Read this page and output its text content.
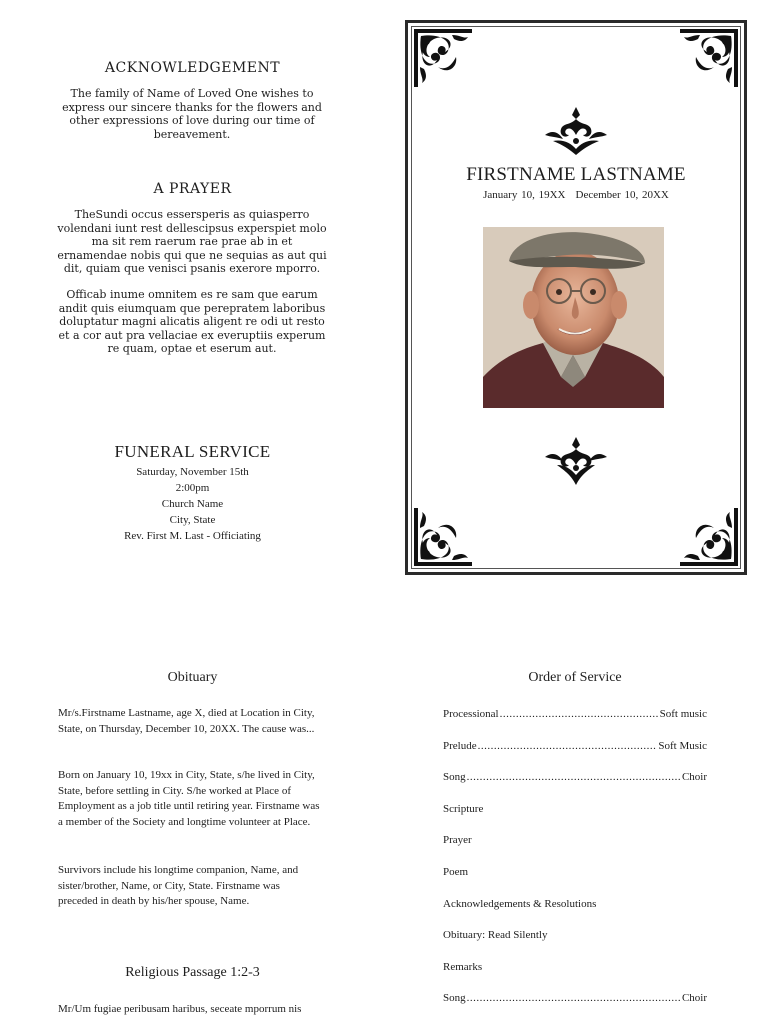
ACKNOWLEDGEMENT
The family of Name of Loved One wishes to express our sincere thanks for the flowers and other expressions of love during our time of bereavement.
A PRAYER
TheSundi occus essersperis as quiasperro volendani iunt rest dellescipsus experspiet molo ma sit rem raerum rae prae ab in et ernamendae nobis qui que ne sequias as aut qui dit, quiam que venisci psanis exerore mporro.
Officab inume omnitem es re sam que earum andit quis eiumquam que perepratem laboribus doluptatur magni alicatis aligent re odi ut resto et a cor aut pra vellaciae ex everuptiis experum re quam, optae et eserum aut.
FUNERAL SERVICE
Saturday, November 15th
2:00pm
Church Name
City, State
Rev. First M. Last - Officiating
FIRSTNAME LASTNAME
January 10, 19XX December 10, 20XX
Obituary
Mr/s.Firstname Lastname, age X, died at Location in City, State, on Thursday, December 10, 20XX. The cause was...
Born on January 10, 19xx in City, State, s/he lived in City, State, before settling in City. S/he worked at Place of Employment as a job title until retiring year. Firstname was a member of the Society and longtime volunteer at Place.
Survivors include his longtime companion, Name, and sister/brother, Name, or City, State. Firstname was preceded in death by his/her spouse, Name.
Religious Passage 1:2-3
Mr/Um fugiae peribusam haribus, seceate mporrum nis
Order of Service
Processional .....	Soft music
Prelude .....	Soft Music
Song .....	Choir
Scripture
Prayer
Poem
Acknowledgements & Resolutions
Obituary: Read Silently
Remarks
Song .....	Choir
